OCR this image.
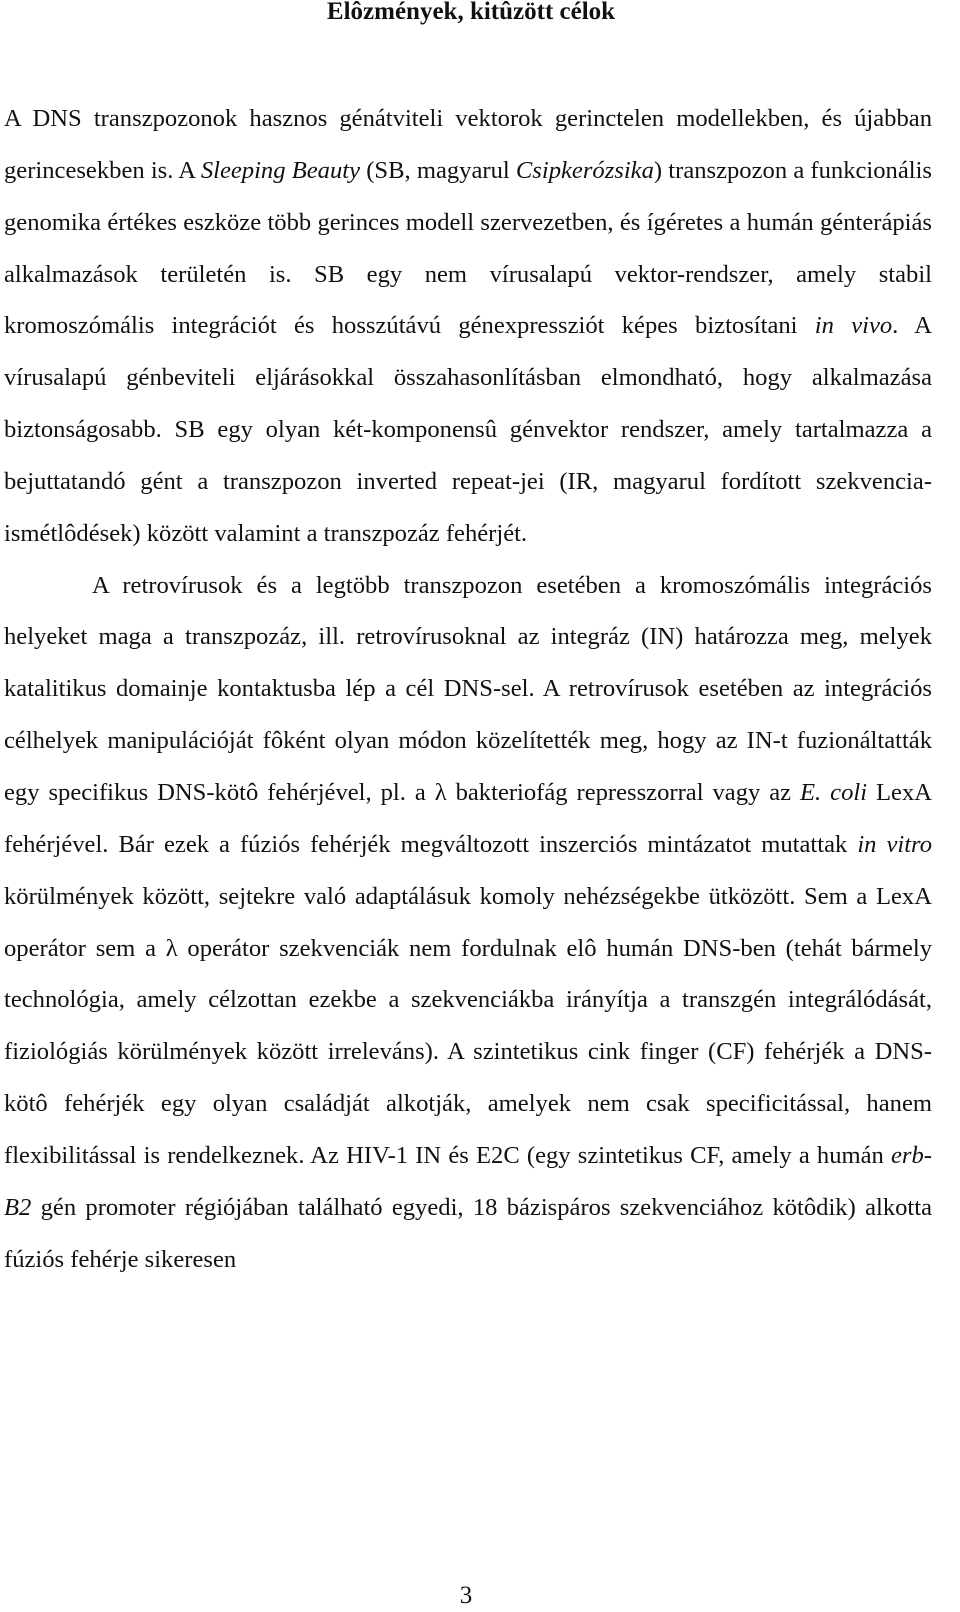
Elôzmények, kitûzött célok

A DNS transzpozonok hasznos génátviteli vektorok gerinctelen modellekben, és újabban gerincesekben is. A Sleeping Beauty (SB, magyarul Csipkerózsika) transzpozon a funkcionális genomika értékes eszköze több gerinces modell szervezetben, és ígéretes a humán génterápiás alkalmazások területén is. SB egy nem vírusalapú vektor-rendszer, amely stabil kromoszómális integrációt és hosszútávú génexpressziót képes biztosítani in vivo. A vírusalapú génbeviteli eljárásokkal összahasonlításban elmondható, hogy alkalmazása biztonságosabb. SB egy olyan két-komponensû génvektor rendszer, amely tartalmazza a bejuttatandó gént a transzpozon inverted repeat-jei (IR, magyarul fordított szekvencia-ismétlôdések) között valamint a transzpozáz fehérjét.

A retrovírusok és a legtöbb transzpozon esetében a kromoszómális integrációs helyeket maga a transzpozáz, ill. retrovírusoknal az integráz (IN) határozza meg, melyek katalitikus domainje kontaktusba lép a cél DNS-sel. A retrovírusok esetében az integrációs célhelyek manipulációját fôként olyan módon közelítették meg, hogy az IN-t fuzionáltatták egy specifikus DNS-kötô fehérjével, pl. a λ bakteriofág represszorral vagy az E. coli LexA fehérjével. Bár ezek a fúziós fehérjék megváltozott inszerciós mintázatot mutattak in vitro körülmények között, sejtekre való adaptálásuk komoly nehézségekbe ütközött. Sem a LexA operátor sem a λ operátor szekvenciák nem fordulnak elô humán DNS-ben (tehát bármely technológia, amely célzottan ezekbe a szekvenciákba irányítja a transzgén integrálódását, fiziológiás körülmények között irreleváns). A szintetikus cink finger (CF) fehérjék a DNS-kötô fehérjék egy olyan családját alkotják, amelyek nem csak specificitással, hanem flexibilitással is rendelkeznek. Az HIV-1 IN és E2C (egy szintetikus CF, amely a humán erb-B2 gén promoter régiójában található egyedi, 18 bázispáros szekvenciához kötôdik) alkotta fúziós fehérje sikeresen

3
